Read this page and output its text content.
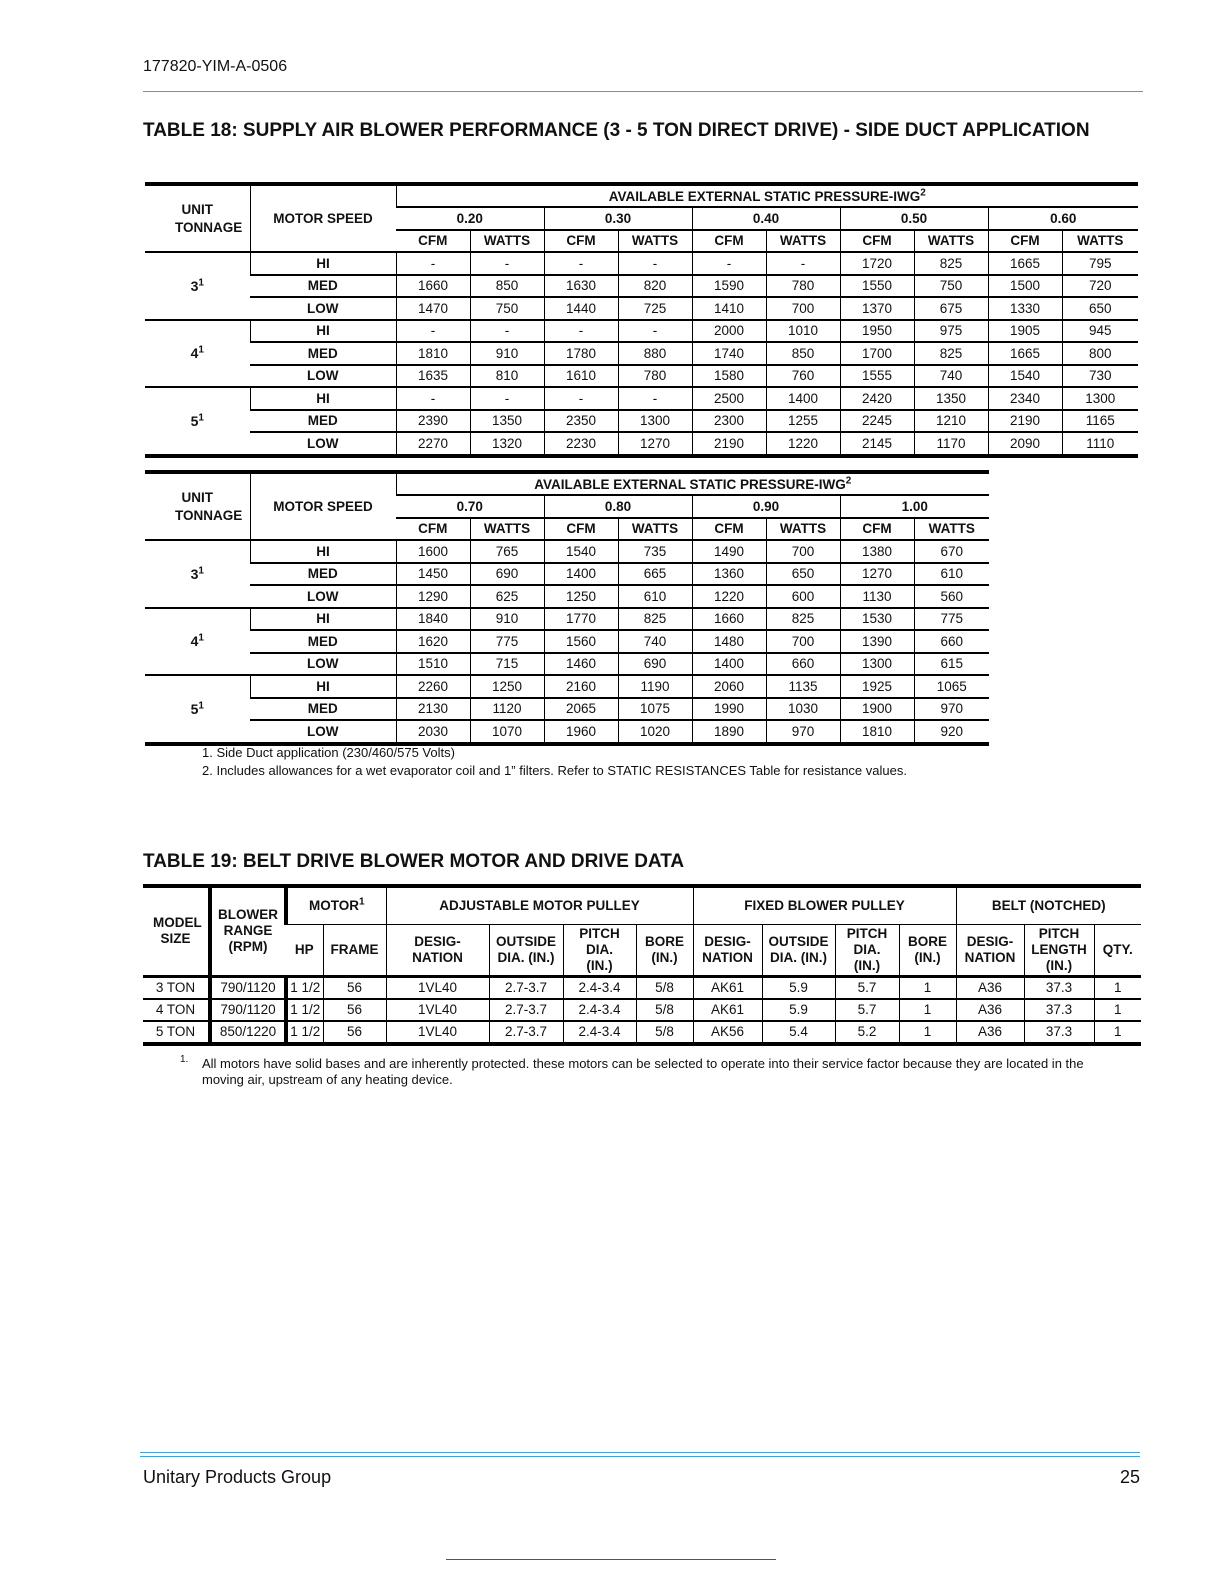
177820-YIM-A-0506
TABLE 18: SUPPLY AIR BLOWER PERFORMANCE (3 - 5 TON DIRECT DRIVE) - SIDE DUCT APPLICATION
UNIT TONNAGE	MOTOR SPEED	AVAILABLE EXTERNAL STATIC PRESSURE-IWG$^2$
		0.20		0.30		0.40		0.50		0.60	
		CFM	WATTS	CFM	WATTS	CFM	WATTS	CFM	WATTS	CFM	WATTS
$3^1$	HI	-	-	-	-	-	-	1720	825	1665	795
	MED	1660	850	1630	820	1590	780	1550	750	1500	720
	LOW	1470	750	1440	725	1410	700	1370	675	1330	650
$4^1$	HI	-	-	-	-	2000	1010	1950	975	1905	945
	MED	1810	910	1780	880	1740	850	1700	825	1665	800
	LOW	1635	810	1610	780	1580	760	1555	740	1540	730
$5^1$	HI	-	-	-	-	2500	1400	2420	1350	2340	1300
	MED	2390	1350	2350	1300	2300	1255	2245	1210	2190	1165
	LOW	2270	1320	2230	1270	2190	1220	2145	1170	2090	1110
UNIT TONNAGE	MOTOR SPEED	AVAILABLE EXTERNAL STATIC PRESSURE-IWG$^2$
		0.70		0.80		0.90		1.00	
		CFM	WATTS	CFM	WATTS	CFM	WATTS	CFM	WATTS
$3^1$	HI	1600	765	1540	735	1490	700	1380	670
	MED	1450	690	1400	665	1360	650	1270	610
	LOW	1290	625	1250	610	1220	600	1130	560
$4^1$	HI	1840	910	1770	825	1660	825	1530	775
	MED	1620	775	1560	740	1480	700	1390	660
	LOW	1510	715	1460	690	1400	660	1300	615
$5^1$	HI	2260	1250	2160	1190	2060	1135	1925	1065
	MED	2130	1120	2065	1075	1990	1030	1900	970
	LOW	2030	1070	1960	1020	1890	970	1810	920
1. Side Duct application (230/460/575 Volts)
2. Includes allowances for a wet evaporator coil and 1” filters. Refer to STATIC RESISTANCES Table for resistance values.
TABLE 19: BELT DRIVE BLOWER MOTOR AND DRIVE DATA
MODEL SIZE	BLOWER RANGE (RPM)	MOTOR$^1$		ADJUSTABLE MOTOR PULLEY				FIXED BLOWER PULLEY				BELT (NOTCHED)		
		HP	FRAME	DESIG- NATION	OUTSIDE DIA. (IN.)	PITCH DIA. (IN.)	BORE (IN.)	DESIG- NATION	OUTSIDE DIA. (IN.)	PITCH DIA. (IN.)	BORE (IN.)	DESIG- NATION	PITCH LENGTH (IN.)	QTY.
3 TON	790/1120	1 1/2	56	1VL40	2.7-3.7	2.4-3.4	5/8	AK61	5.9	5.7	1	A36	37.3	1
4 TON	790/1120	1 1/2	56	1VL40	2.7-3.7	2.4-3.4	5/8	AK61	5.9	5.7	1	A36	37.3	1
5 TON	850/1220	1 1/2	56	1VL40	2.7-3.7	2.4-3.4	5/8	AK56	5.4	5.2	1	A36	37.3	1
1. All motors have solid bases and are inherently protected. these motors can be selected to operate into their service factor because they are located in the moving air, upstream of any heating device.
Unitary Products Group	25
